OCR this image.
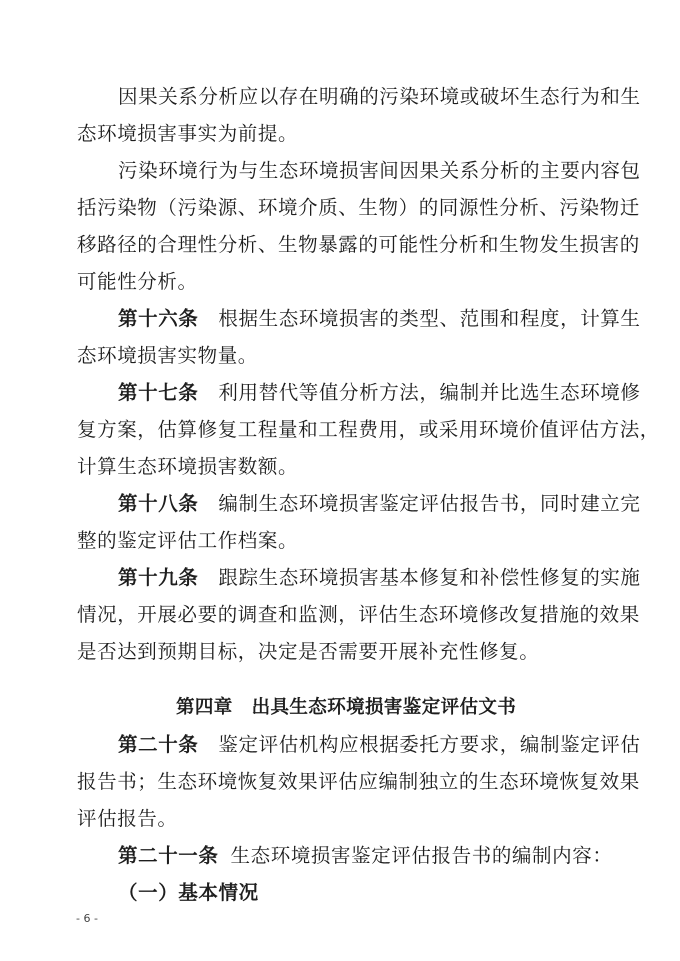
因果关系分析应以存在明确的污染环境或破坏生态行为和生
态环境损害事实为前提。
污染环境行为与生态环境损害间因果关系分析的主要内容包
括污染物（污染源、环境介质、生物）的同源性分析、污染物迁
移路径的合理性分析、生物暴露的可能性分析和生物发生损害的
可能性分析。
第十六条 根据生态环境损害的类型、范围和程度，计算生
态环境损害实物量。
第十七条 利用替代等值分析方法，编制并比选生态环境修
复方案，估算修复工程量和工程费用，或采用环境价值评估方法，
计算生态环境损害数额。
第十八条 编制生态环境损害鉴定评估报告书，同时建立完
整的鉴定评估工作档案。
第十九条 跟踪生态环境损害基本修复和补偿性修复的实施
情况，开展必要的调查和监测，评估生态环境修改复措施的效果
是否达到预期目标，决定是否需要开展补充性修复。
第四章　出具生态环境损害鉴定评估文书
第二十条 鉴定评估机构应根据委托方要求，编制鉴定评估
报告书；生态环境恢复效果评估应编制独立的生态环境恢复效果
评估报告。
第二十一条 生态环境损害鉴定评估报告书的编制内容：
（一）基本情况
- 6 -
